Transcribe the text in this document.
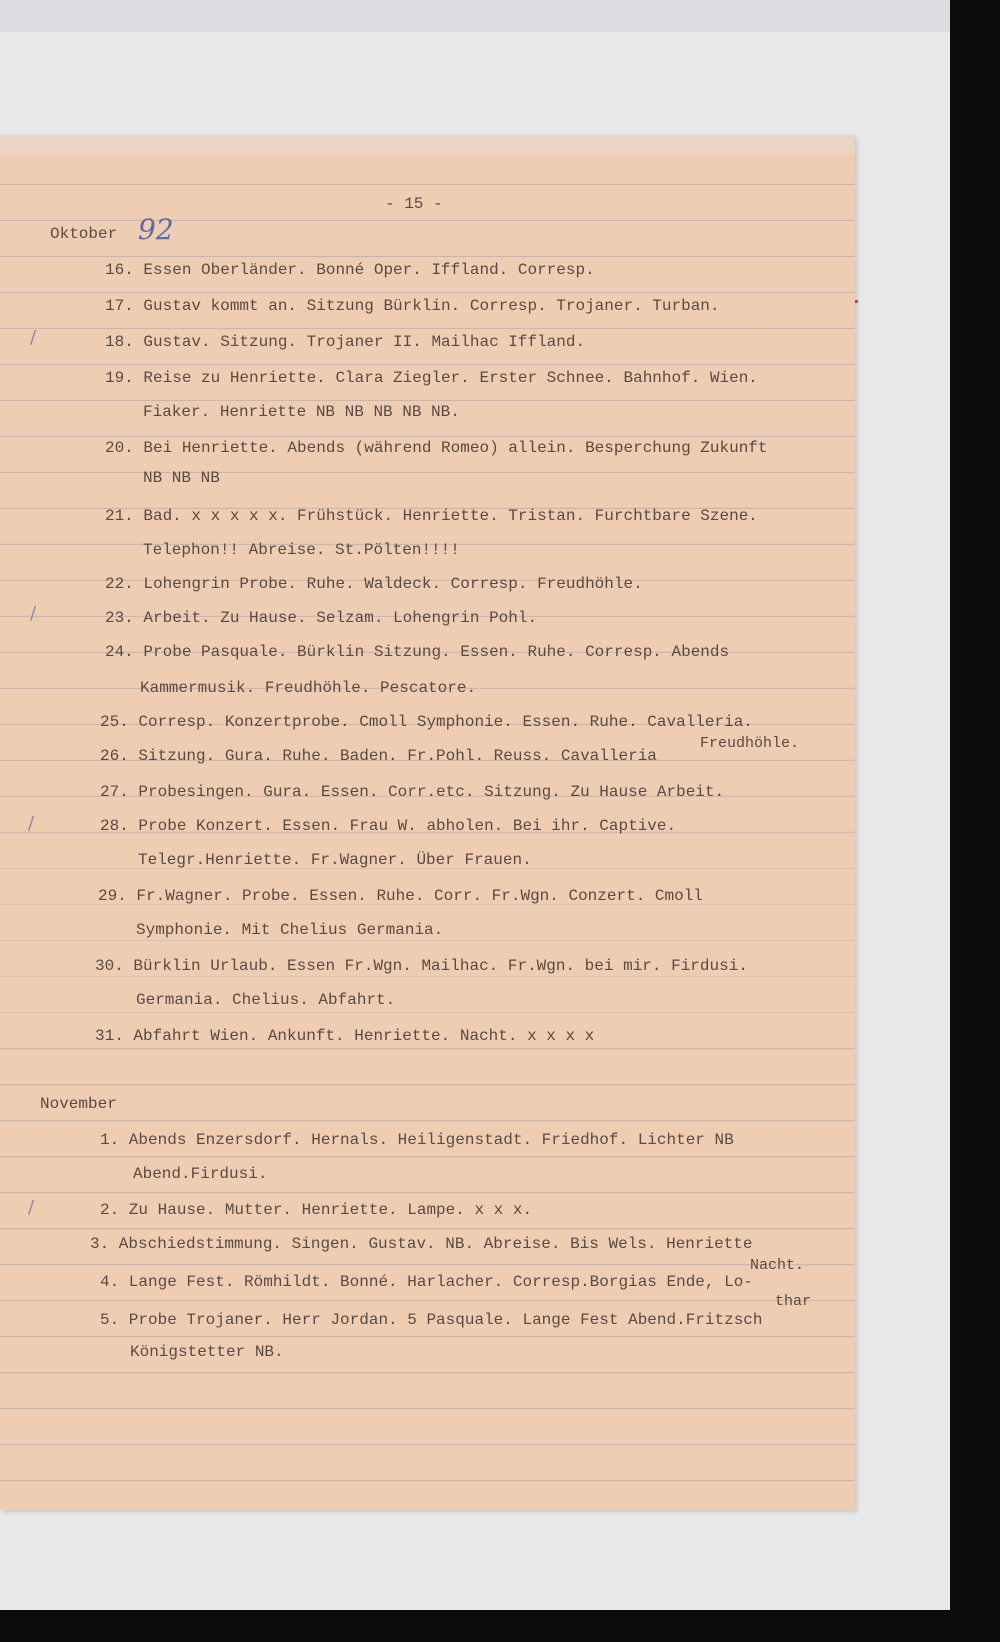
- 15 -
Oktober 92
16. Essen Oberländer. Bonné Oper. Iffland. Corresp.
17. Gustav kommt an. Sitzung Bürklin. Corresp. Trojaner. Turban.
18. Gustav. Sitzung. Trojaner II. Mailhac Iffland.
19. Reise zu Henriette. Clara Ziegler. Erster Schnee. Bahnhof. Wien.
Fiaker. Henriette NB NB NB NB NB.
20. Bei Henriette. Abends (während Romeo) allein. Besperchung Zukunft
NB NB NB
21. Bad. x x x x x. Frühstück. Henriette. Tristan. Furchtbare Szene.
Telephon!! Abreise. St.Pölten!!!!
22. Lohengrin Probe. Ruhe. Waldeck. Corresp. Freudhöhle.
23. Arbeit. Zu Hause. Selzam. Lohengrin Pohl.
24. Probe Pasquale. Bürklin Sitzung. Essen. Ruhe. Corresp. Abends
Kammermusik. Freudhöhle. Pescatore.
25. Corresp. Konzertprobe. Cmoll Symphonie. Essen. Ruhe. Cavalleria.
Freudhöhle.
26. Sitzung. Gura. Ruhe. Baden. Fr.Pohl. Reuss. Cavalleria
27. Probesingen. Gura. Essen. Corr.etc. Sitzung. Zu Hause Arbeit.
28. Probe Konzert. Essen. Frau W. abholen. Bei ihr. Captive.
Telegr.Henriette. Fr.Wagner. Über Frauen.
29. Fr.Wagner. Probe. Essen. Ruhe. Corr. Fr.Wgn. Conzert. Cmoll
Symphonie. Mit Chelius Germania.
30. Bürklin Urlaub. Essen Fr.Wgn. Mailhac. Fr.Wgn. bei mir. Firdusi.
Germania. Chelius. Abfahrt.
31. Abfahrt Wien. Ankunft. Henriette. Nacht. x x x x
November
1. Abends Enzersdorf. Hernals. Heiligenstadt. Friedhof. Lichter NB
Abend.Firdusi.
2. Zu Hause. Mutter. Henriette. Lampe. x x x.
3. Abschiedstimmung. Singen. Gustav. NB. Abreise. Bis Wels. Henriette
Nacht.
4. Lange Fest. Römhildt. Bonné. Harlacher. Corresp.Borgias Ende, Lo-
thar
5. Probe Trojaner. Herr Jordan. 5 Pasquale. Lange Fest Abend.Fritzsch
Königstetter NB.
/
/
/
/
